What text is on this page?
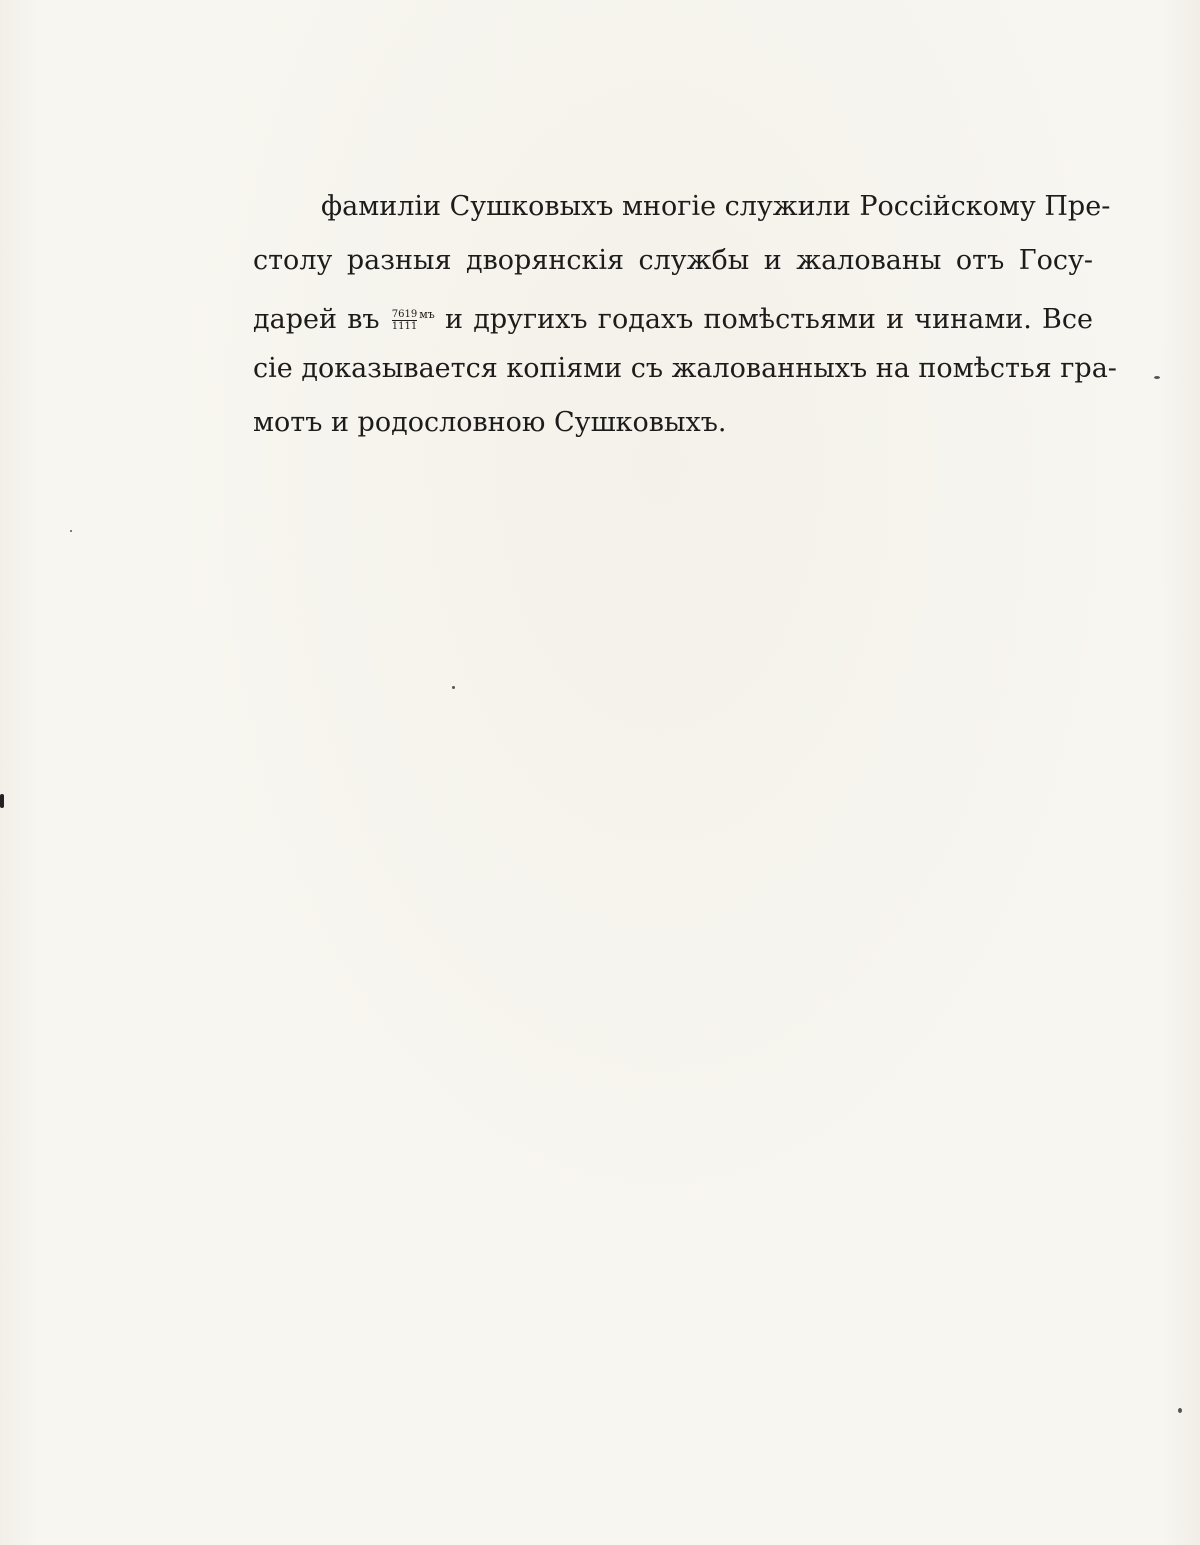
фамиліи Сушковыхъ многіе служили Россійскому Пре-
столу разныя дворянскія службы и жалованы отъ Госу-
дарей въ $\frac{7619}{1111} ^{мъ}$ и другихъ годахъ помѣстьями и чинами. Все
сіе доказывается копіями съ жалованныхъ на помѣстья гра-
мотъ и родословною Сушковыхъ.
